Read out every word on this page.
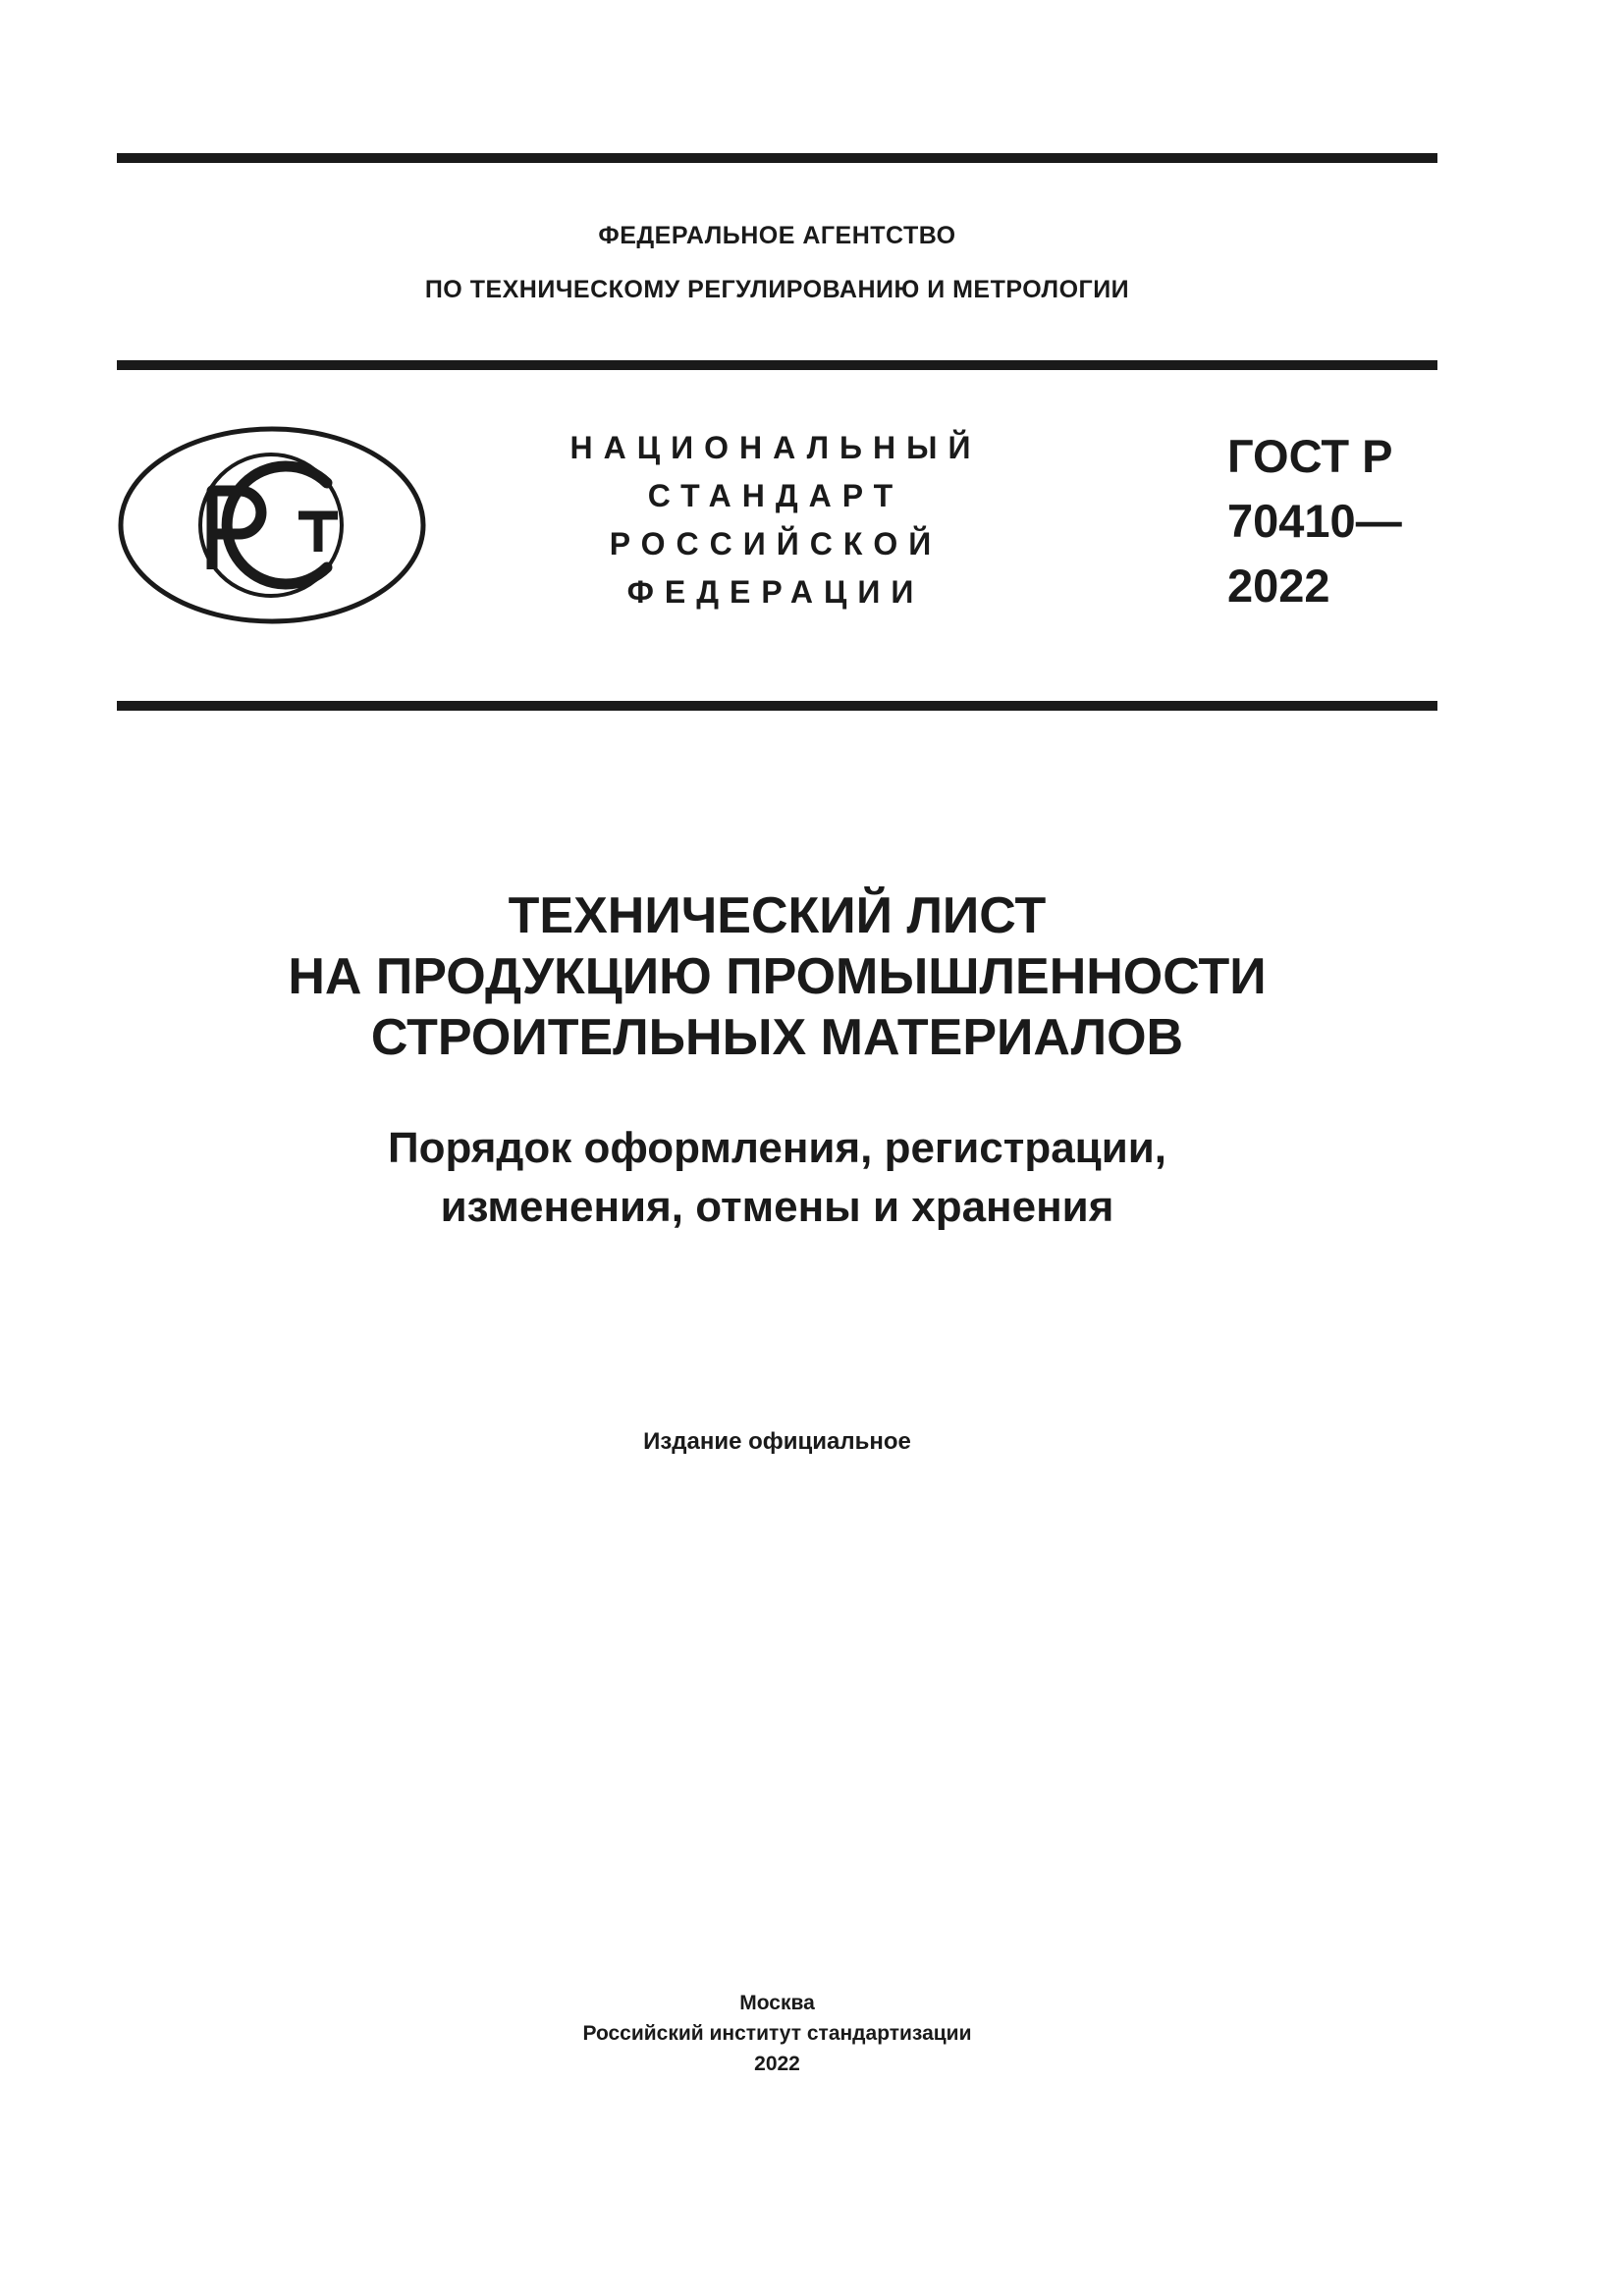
ФЕДЕРАЛЬНОЕ АГЕНТСТВО
ПО ТЕХНИЧЕСКОМУ РЕГУЛИРОВАНИЮ И МЕТРОЛОГИИ
НАЦИОНАЛЬНЫЙ
СТАНДАРТ
РОССИЙСКОЙ
ФЕДЕРАЦИИ
ГОСТ Р
70410—
2022
ТЕХНИЧЕСКИЙ ЛИСТ
НА ПРОДУКЦИЮ ПРОМЫШЛЕННОСТИ
СТРОИТЕЛЬНЫХ МАТЕРИАЛОВ
Порядок оформления, регистрации,
изменения, отмены и хранения
Издание официальное
Москва
Российский институт стандартизации
2022
